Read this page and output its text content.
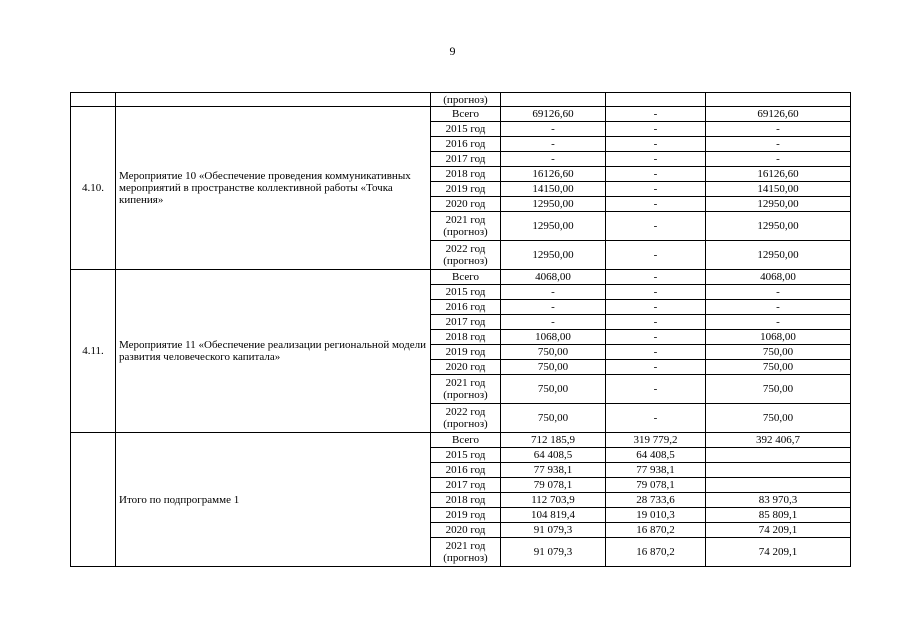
9
		(прогноз)			
4.10.	Мероприятие 10 «Обеспечение проведения коммуникативных мероприятий в пространстве коллективной работы «Точка кипения»	Всего	69126,60	-	69126,60
		2015 год	-	-	-
		2016 год	-	-	-
		2017 год	-	-	-
		2018 год	16126,60	-	16126,60
		2019 год	14150,00	-	14150,00
		2020 год	12950,00	-	12950,00
		2021 год (прогноз)	12950,00	-	12950,00
		2022 год (прогноз)	12950,00	-	12950,00
4.11.	Мероприятие 11 «Обеспечение реализации региональной модели развития человеческого капитала»	Всего	4068,00	-	4068,00
		2015 год	-	-	-
		2016 год	-	-	-
		2017 год	-	-	-
		2018 год	1068,00	-	1068,00
		2019 год	750,00	-	750,00
		2020 год	750,00	-	750,00
		2021 год (прогноз)	750,00	-	750,00
		2022 год (прогноз)	750,00	-	750,00
	Итого по подпрограмме 1	Всего	712 185,9	319 779,2	392 406,7
		2015 год	64 408,5	64 408,5	
		2016 год	77 938,1	77 938,1	
		2017 год	79 078,1	79 078,1	
		2018 год	112 703,9	28 733,6	83 970,3
		2019 год	104 819,4	19 010,3	85 809,1
		2020 год	91 079,3	16 870,2	74 209,1
		2021 год (прогноз)	91 079,3	16 870,2	74 209,1
